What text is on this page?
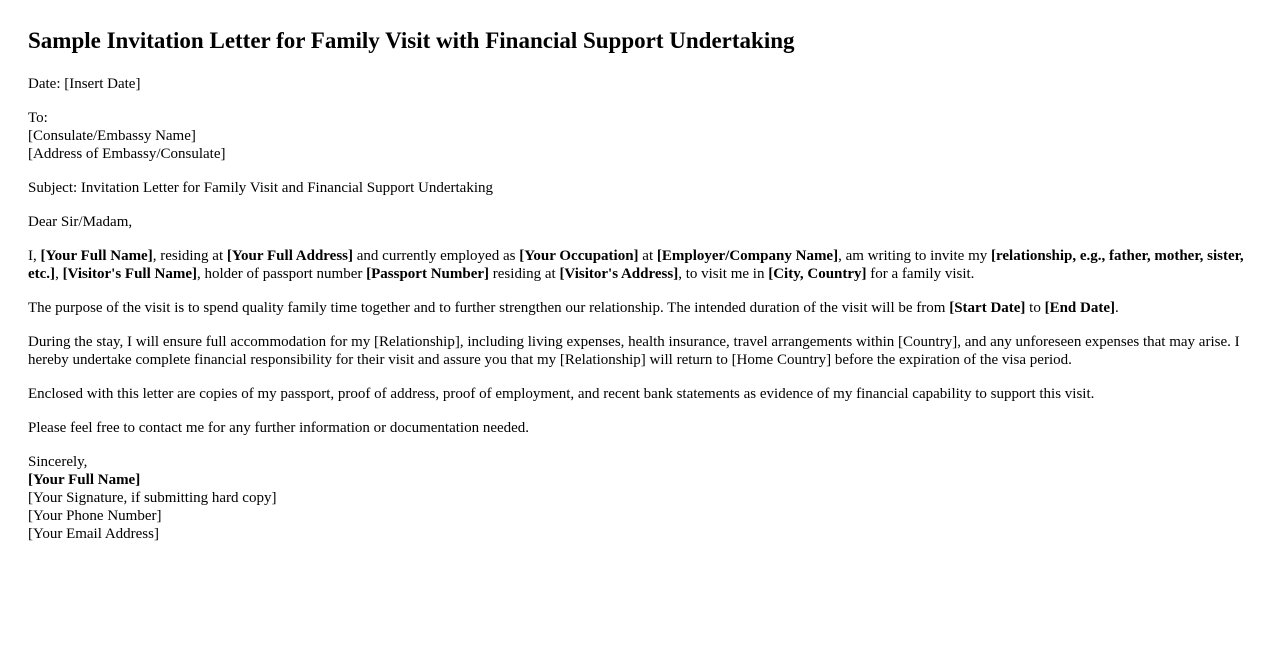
Sample Invitation Letter for Family Visit with Financial Support Undertaking

Date: [Insert Date]

To:
[Consulate/Embassy Name]
[Address of Embassy/Consulate]

Subject: Invitation Letter for Family Visit and Financial Support Undertaking

Dear Sir/Madam,

I, [Your Full Name], residing at [Your Full Address] and currently employed as [Your Occupation] at [Employer/Company Name], am writing to invite my [relationship, e.g., father, mother, sister, etc.], [Visitor's Full Name], holder of passport number [Passport Number] residing at [Visitor's Address], to visit me in [City, Country] for a family visit.

The purpose of the visit is to spend quality family time together and to further strengthen our relationship. The intended duration of the visit will be from [Start Date] to [End Date].

During the stay, I will ensure full accommodation for my [Relationship], including living expenses, health insurance, travel arrangements within [Country], and any unforeseen expenses that may arise. I hereby undertake complete financial responsibility for their visit and assure you that my [Relationship] will return to [Home Country] before the expiration of the visa period.

Enclosed with this letter are copies of my passport, proof of address, proof of employment, and recent bank statements as evidence of my financial capability to support this visit.

Please feel free to contact me for any further information or documentation needed.

Sincerely,
[Your Full Name]
[Your Signature, if submitting hard copy]
[Your Phone Number]
[Your Email Address]
